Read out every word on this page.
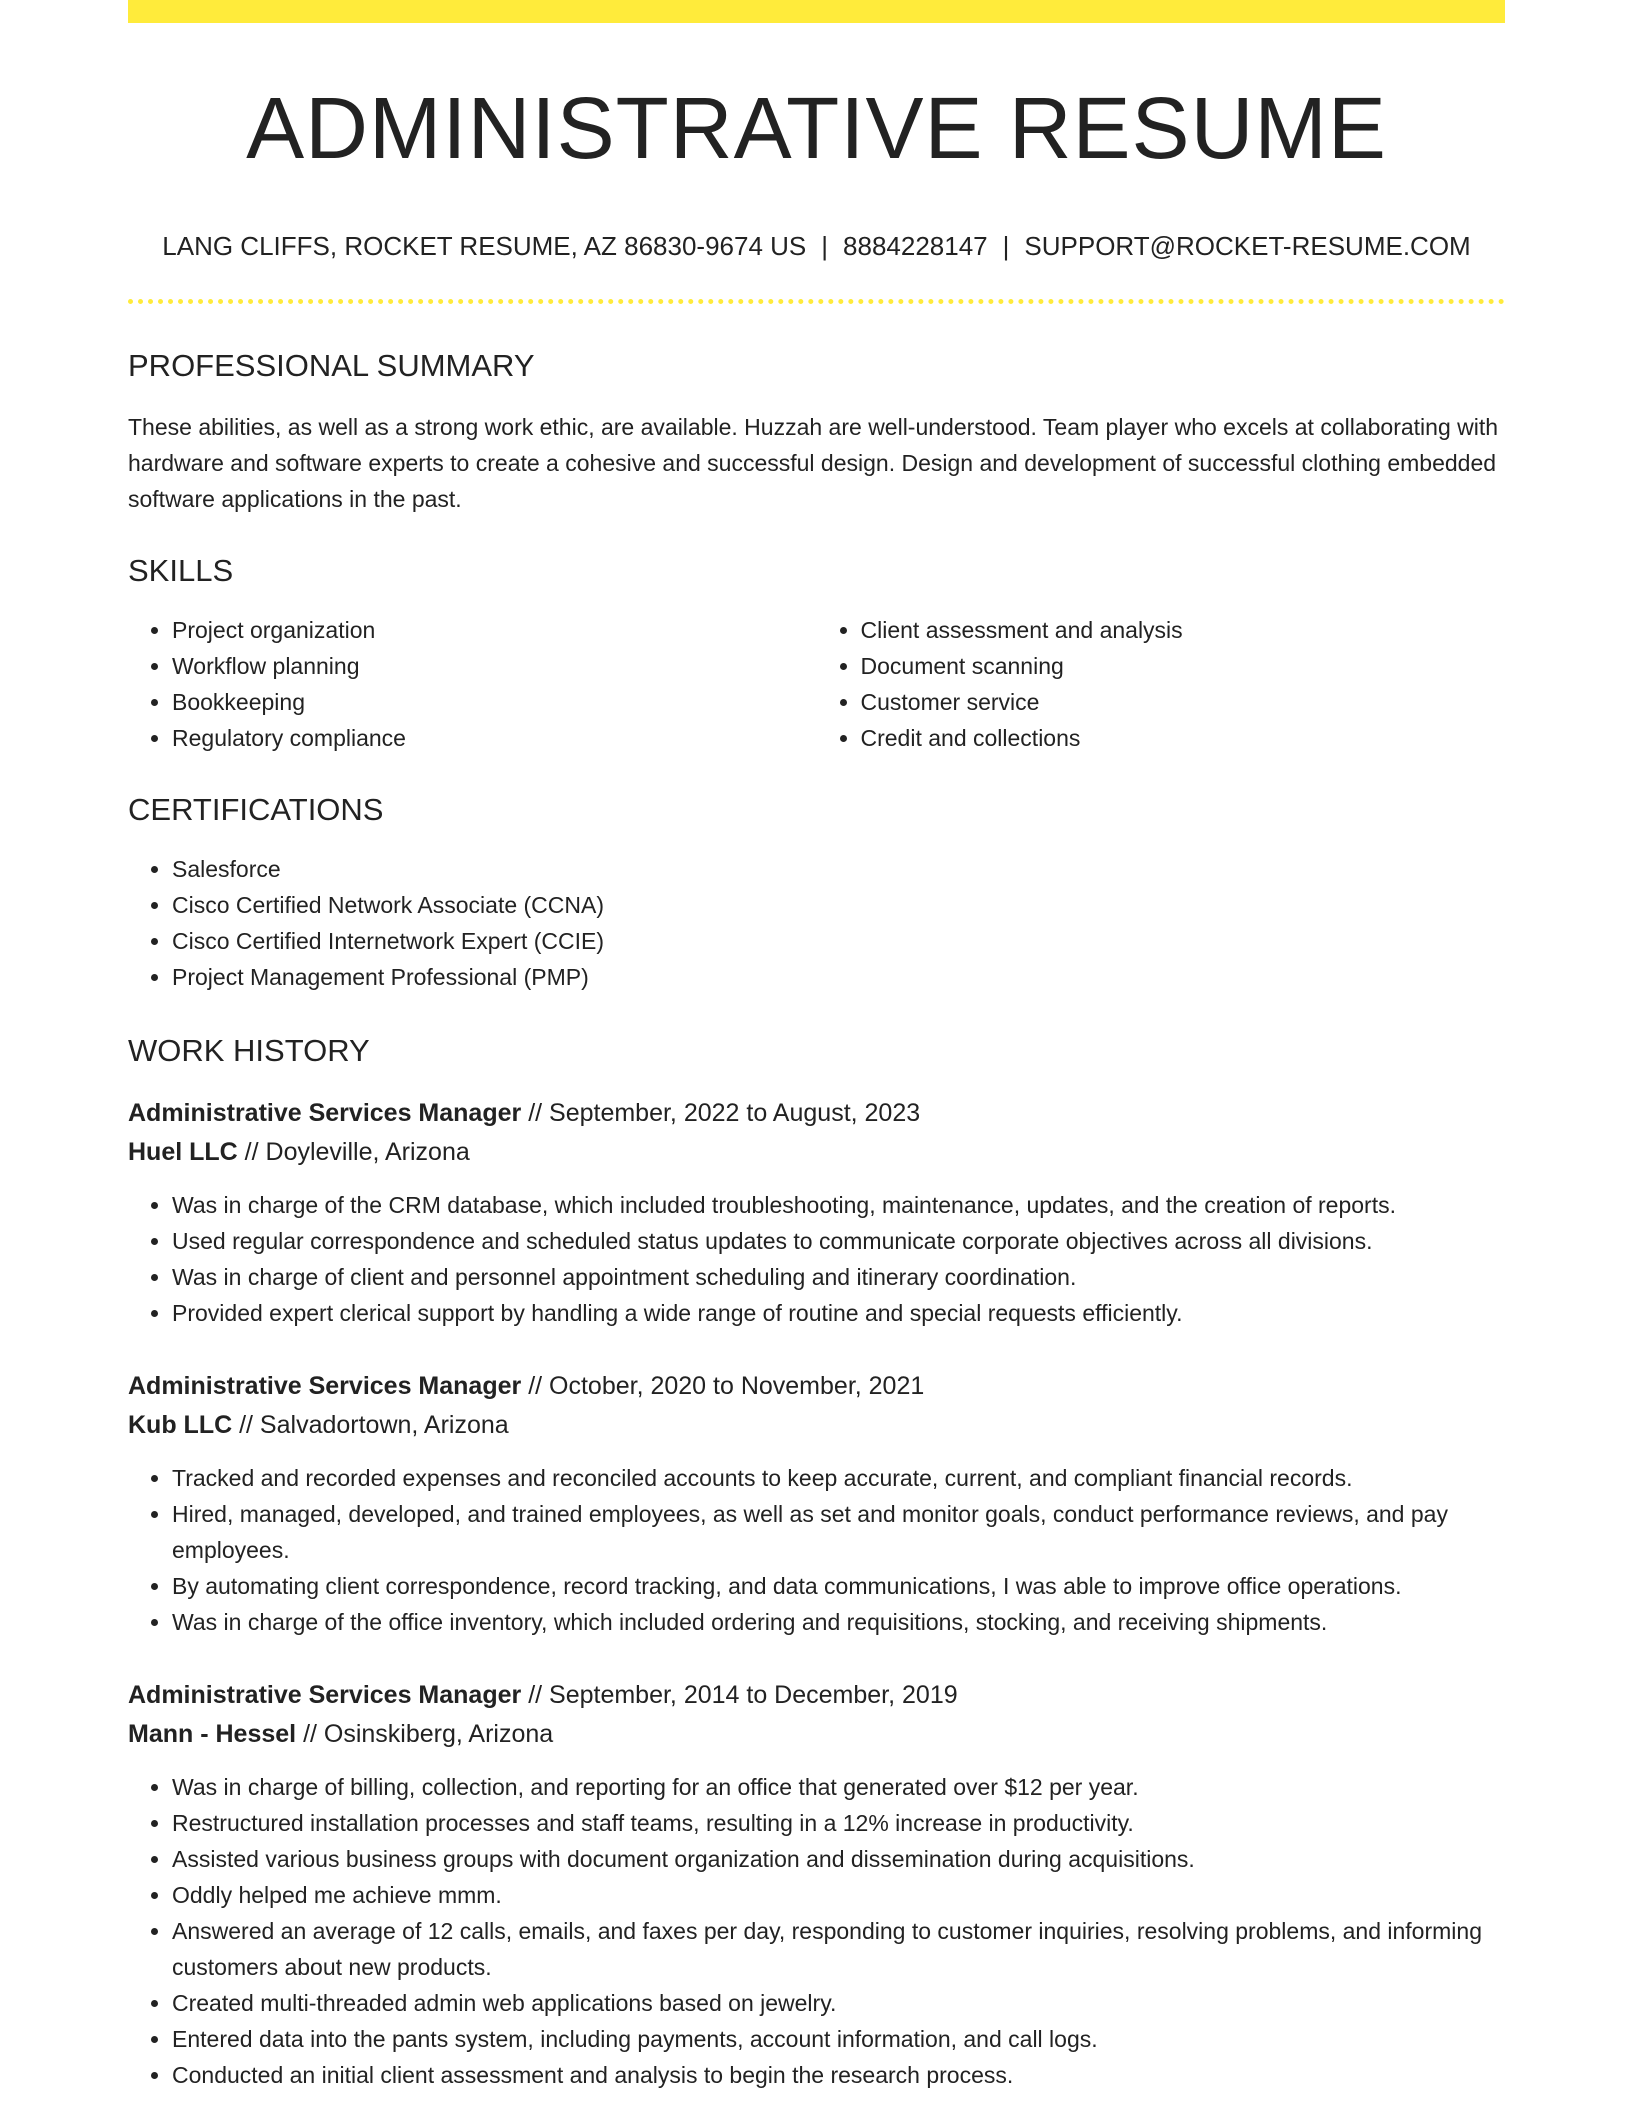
ADMINISTRATIVE RESUME
LANG CLIFFS, ROCKET RESUME, AZ 86830-9674 US | 8884228147 | SUPPORT@ROCKET-RESUME.COM
PROFESSIONAL SUMMARY

These abilities, as well as a strong work ethic, are available. Huzzah are well-understood. Team player who excels at collaborating with hardware and software experts to create a cohesive and successful design. Design and development of successful clothing embedded software applications in the past.

SKILLS
• Project organization
• Workflow planning
• Bookkeeping
• Regulatory compliance
• Client assessment and analysis
• Document scanning
• Customer service
• Credit and collections
CERTIFICATIONS
• Salesforce
• Cisco Certified Network Associate (CCNA)
• Cisco Certified Internetwork Expert (CCIE)
• Project Management Professional (PMP)
WORK HISTORY
Administrative Services Manager // September, 2022 to August, 2023
Huel LLC // Doyleville, Arizona
• Was in charge of the CRM database, which included troubleshooting, maintenance, updates, and the creation of reports.
• Used regular correspondence and scheduled status updates to communicate corporate objectives across all divisions.
• Was in charge of client and personnel appointment scheduling and itinerary coordination.
• Provided expert clerical support by handling a wide range of routine and special requests efficiently.
Administrative Services Manager // October, 2020 to November, 2021
Kub LLC // Salvadortown, Arizona
• Tracked and recorded expenses and reconciled accounts to keep accurate, current, and compliant financial records.
• Hired, managed, developed, and trained employees, as well as set and monitor goals, conduct performance reviews, and pay employees.
• By automating client correspondence, record tracking, and data communications, I was able to improve office operations.
• Was in charge of the office inventory, which included ordering and requisitions, stocking, and receiving shipments.
Administrative Services Manager // September, 2014 to December, 2019
Mann - Hessel // Osinskiberg, Arizona
• Was in charge of billing, collection, and reporting for an office that generated over $12 per year.
• Restructured installation processes and staff teams, resulting in a 12% increase in productivity.
• Assisted various business groups with document organization and dissemination during acquisitions.
• Oddly helped me achieve mmm.
• Answered an average of 12 calls, emails, and faxes per day, responding to customer inquiries, resolving problems, and informing customers about new products.
• Created multi-threaded admin web applications based on jewelry.
• Entered data into the pants system, including payments, account information, and call logs.
• Conducted an initial client assessment and analysis to begin the research process.
